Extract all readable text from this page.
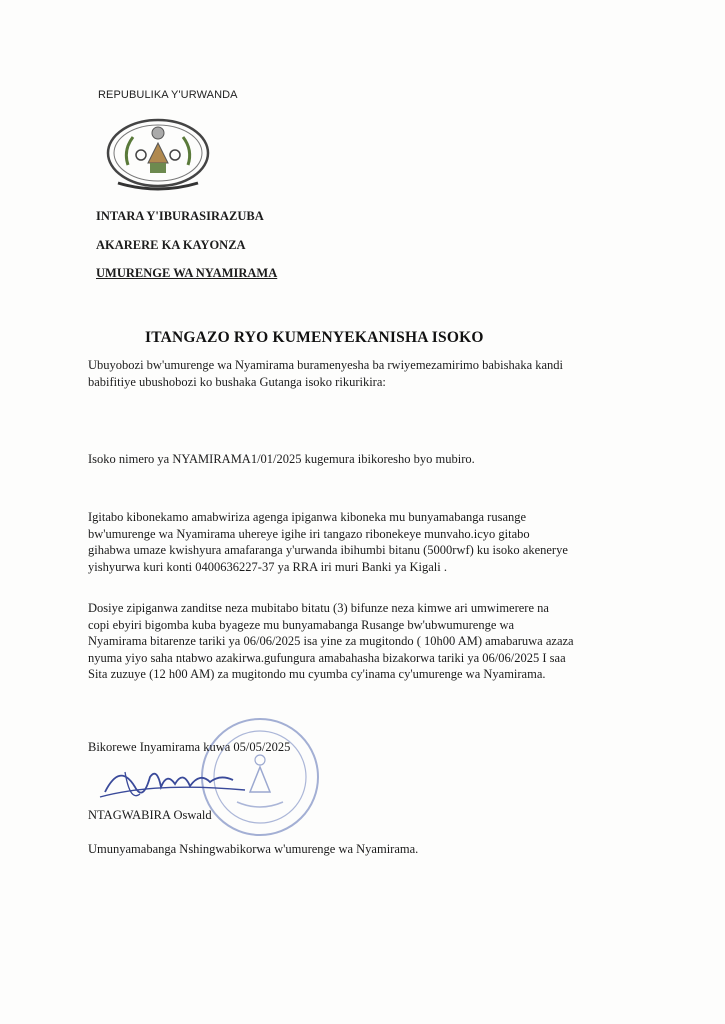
REPUBULIKA Y'URWANDA
INTARA Y'IBURASIRAZUBA
AKARERE KA KAYONZA
UMURENGE WA NYAMIRAMA
ITANGAZO RYO KUMENYEKANISHA ISOKO
Ubuyobozi bw'umurenge wa Nyamirama buramenyesha ba rwiyemezamirimo babishaka kandi
babifitiye ubushobozi ko bushaka Gutanga isoko rikurikira:
Isoko nimero ya NYAMIRAMA1/01/2025 kugemura ibikoresho byo mubiro.
Igitabo kibonekamo amabwiriza agenga ipiganwa kiboneka mu bunyamabanga rusange
bw'umurenge wa Nyamirama uhereye igihe iri tangazo ribonekeye munvaho.icyo gitabo
gihabwa umaze kwishyura amafaranga y'urwanda ibihumbi bitanu (5000rwf) ku isoko akenerye
yishyurwa kuri konti 0400636227-37 ya RRA iri muri Banki ya Kigali .
Dosiye zipiganwa zanditse neza mubitabo bitatu (3) bifunze neza kimwe ari umwimerere na
copi ebyiri bigomba kuba byageze mu bunyamabanga Rusange bw'ubwumurenge wa
Nyamirama bitarenze tariki ya 06/06/2025 isa yine za mugitondo ( 10h00 AM) amabaruwa azaza
nyuma yiyo saha ntabwo azakirwa.gufungura amabahasha bizakorwa tariki ya 06/06/2025 I saa
Sita zuzuye (12 h00 AM) za mugitondo mu cyumba cy'inama cy'umurenge wa Nyamirama.
Bikorewe Inyamirama kuwa 05/05/2025
NTAGWABIRA Oswald
Umunyamabanga Nshingwabikorwa w'umurenge wa Nyamirama.
